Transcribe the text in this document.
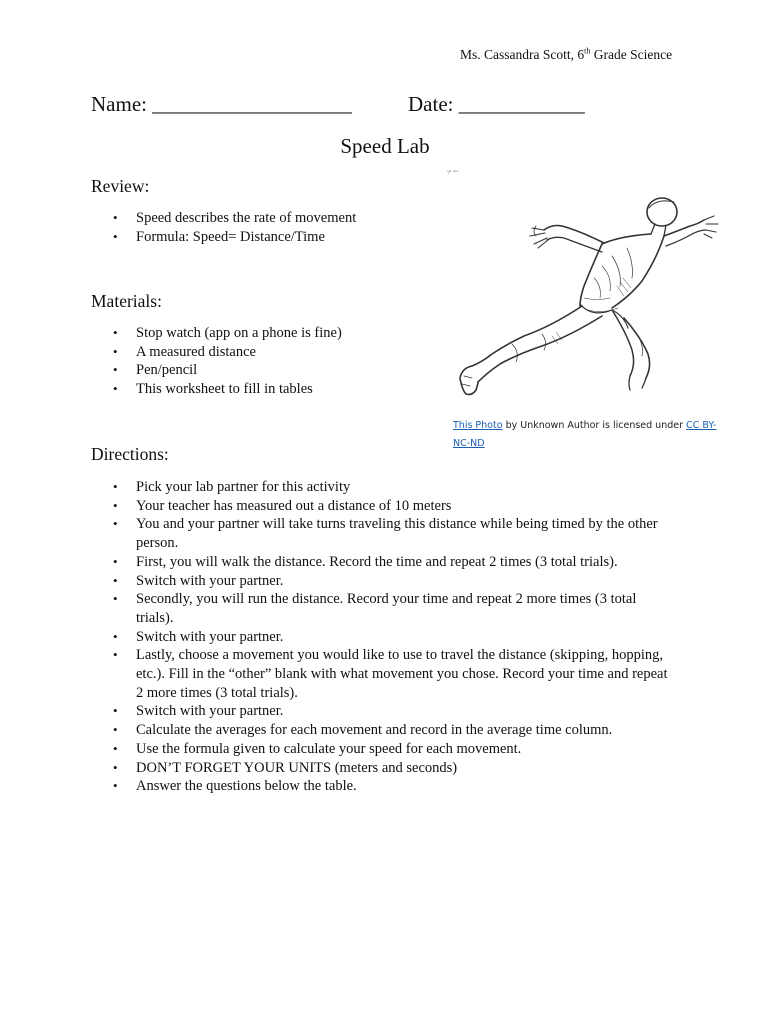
Ms. Cassandra Scott, 6th Grade Science
Name: ___________________	Date: ____________
Speed Lab
ᵃ⁄ᶜ ⁹ᶦᵃ
Review:
• Speed describes the rate of movement
• Formula: Speed= Distance/Time
Materials:
• Stop watch (app on a phone is fine)
• A measured distance
• Pen/pencil
• This worksheet to fill in tables
This Photo by Unknown Author is licensed under CC BY-NC-ND
Directions:
• Pick your lab partner for this activity
• Your teacher has measured out a distance of 10 meters
• You and your partner will take turns traveling this distance while being timed by the other person.
• First, you will walk the distance. Record the time and repeat 2 times (3 total trials).
• Switch with your partner.
• Secondly, you will run the distance. Record your time and repeat 2 more times (3 total trials).
• Switch with your partner.
• Lastly, choose a movement you would like to use to travel the distance (skipping, hopping, etc.). Fill in the “other” blank with what movement you chose. Record your time and repeat 2 more times (3 total trials).
• Switch with your partner.
• Calculate the averages for each movement and record in the average time column.
• Use the formula given to calculate your speed for each movement.
• DON’T FORGET YOUR UNITS (meters and seconds)
• Answer the questions below the table.
